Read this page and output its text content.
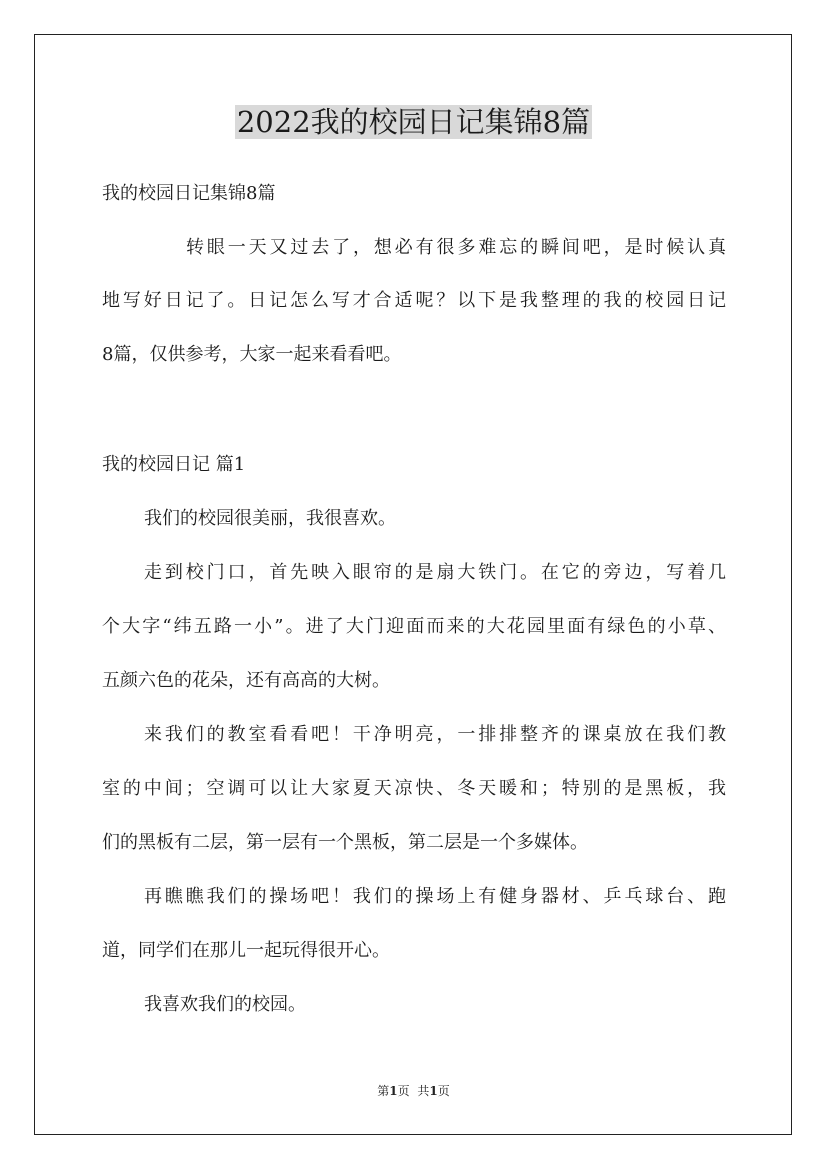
2022我的校园日记集锦8篇
我的校园日记集锦8篇
转眼一天又过去了，想必有很多难忘的瞬间吧，是时候认真
地写好日记了。日记怎么写才合适呢？以下是我整理的我的校园日记
8篇，仅供参考，大家一起来看看吧。
我的校园日记 篇1
我们的校园很美丽，我很喜欢。
走到校门口，首先映入眼帘的是扇大铁门。在它的旁边，写着几
个大字“纬五路一小”。进了大门迎面而来的大花园里面有绿色的小草、
五颜六色的花朵，还有高高的大树。
来我们的教室看看吧！干净明亮，一排排整齐的课桌放在我们教
室的中间；空调可以让大家夏天凉快、冬天暖和；特别的是黑板，我
们的黑板有二层，第一层有一个黑板，第二层是一个多媒体。
再瞧瞧我们的操场吧！我们的操场上有健身器材、乒乓球台、跑
道，同学们在那儿一起玩得很开心。
我喜欢我们的校园。
第1页 共1页
